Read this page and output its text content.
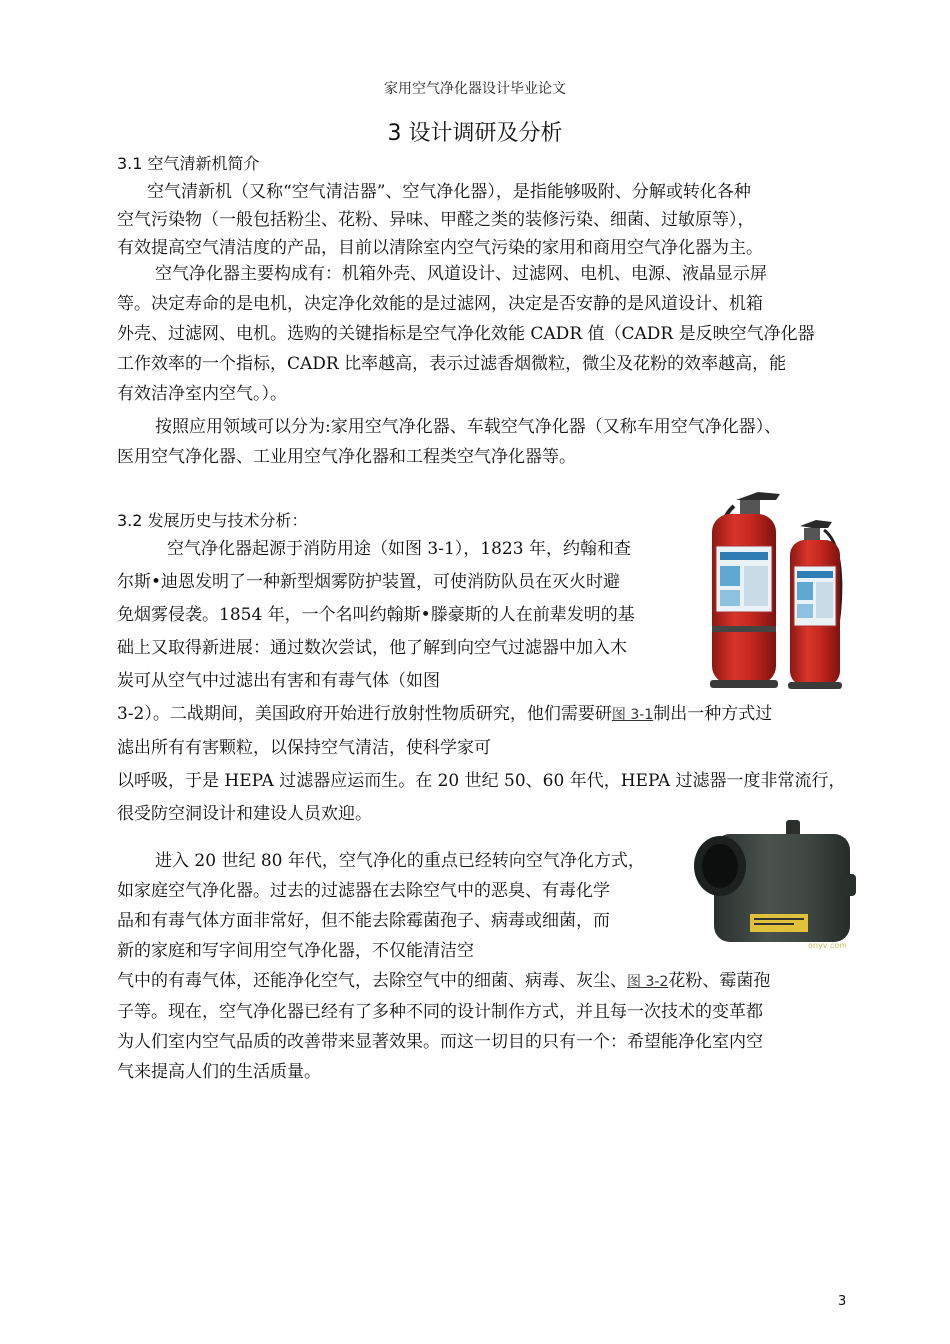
家用空气净化器设计毕业论文
3 设计调研及分析
3.1 空气清新机简介

空气清新机（又称“空气清洁器”、空气净化器），是指能够吸附、分解或转化各种

空气污染物（一般包括粉尘、花粉、异味、甲醛之类的装修污染、细菌、过敏原等），

有效提高空气清洁度的产品，目前以清除室内空气污染的家用和商用空气净化器为主。

空气净化器主要构成有：机箱外壳、风道设计、过滤网、电机、电源、液晶显示屏

等。决定寿命的是电机，决定净化效能的是过滤网，决定是否安静的是风道设计、机箱

外壳、过滤网、电机。选购的关键指标是空气净化效能 CADR 值（CADR 是反映空气净化器

工作效率的一个指标，CADR 比率越高，表示过滤香烟微粒，微尘及花粉的效率越高，能

有效洁净室内空气。）。

按照应用领域可以分为:家用空气净化器、车载空气净化器（又称车用空气净化器）、

医用空气净化器、工业用空气净化器和工程类空气净化器等。

3.2 发展历史与技术分析：

空气净化器起源于消防用途（如图 3-1），1823 年，约翰和查

尔斯•迪恩发明了一种新型烟雾防护装置，可使消防队员在灭火时避

免烟雾侵袭。1854 年，一个名叫约翰斯•滕豪斯的人在前辈发明的基

础上又取得新进展：通过数次尝试，他了解到向空气过滤器中加入木

炭可从空气中过滤出有害和有毒气体（如图

3-2）。二战期间，美国政府开始进行放射性物质研究，他们需要研图 3-1制出一种方式过

滤出所有有害颗粒，以保持空气清洁，使科学家可

以呼吸，于是 HEPA 过滤器应运而生。在 20 世纪 50、60 年代，HEPA 过滤器一度非常流行，

很受防空洞设计和建设人员欢迎。

进入 20 世纪 80 年代，空气净化的重点已经转向空气净化方式，

如家庭空气净化器。过去的过滤器在去除空气中的恶臭、有毒化学

品和有毒气体方面非常好，但不能去除霉菌孢子、病毒或细菌，而

新的家庭和写字间用空气净化器，不仅能清洁空

气中的有毒气体，还能净化空气，去除空气中的细菌、病毒、灰尘、图 3-2花粉、霉菌孢

子等。现在，空气净化器已经有了多种不同的设计制作方式，并且每一次技术的变革都

为人们室内空气品质的改善带来显著效果。而这一切目的只有一个：希望能净化室内空

气来提高人们的生活质量。

onyv com
3
